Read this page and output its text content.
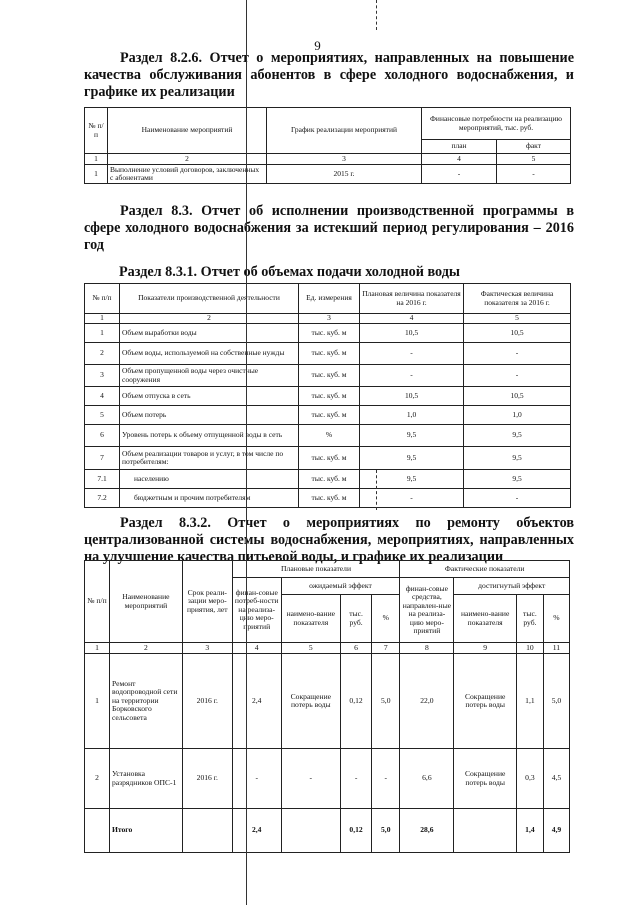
9
Раздел 8.2.6. Отчет о мероприятиях, направленных на повышение качества обслуживания абонентов в сфере холодного водоснабжения, и графике их реализации
№ п/п	Наименование мероприятий	График реализации мероприятий	Финансовые потребности на реализацию мероприятий, тыс. руб.	
			план	факт
1	2	3	4	5
1	Выполнение условий договоров, заключенных с абонентами	2015 г.	-	-
Раздел 8.3. Отчет об исполнении производственной программы в сфере холодного водоснабжения за истекший период регулирования – 2016 год
Раздел 8.3.1. Отчет об объемах подачи холодной воды
№ п/п	Показатели производственной деятельности	Ед. измерения	Плановая величина показателя на 2016 г.	Фактическая величина показателя за 2016 г.
1	2	3	4	5
1	Объем выработки воды	тыс. куб. м	10,5	10,5
2	Объем воды, используемой на собственные нужды	тыс. куб. м	-	-
3	Объем пропущенной воды через очистные сооружения	тыс. куб. м	-	-
4	Объем отпуска в сеть	тыс. куб. м	10,5	10,5
5	Объем потерь	тыс. куб. м	1,0	1,0
6	Уровень потерь к объему отпущенной воды в сеть	%	9,5	9,5
7	Объем реализации товаров и услуг, в том числе по потребителям:	тыс. куб. м	9,5	9,5
7.1	населению	тыс. куб. м	9,5	9,5
7.2	бюджетным и прочим потребителям	тыс. куб. м	-	-
Раздел 8.3.2. Отчет о мероприятиях по ремонту объектов централизованной системы водоснабжения, мероприятиях, направленных на улучшение качества питьевой воды, и графике их реализации
№ п/п	Наименование мероприятий	Срок реали-зации меро-приятия, лет	Плановые показатели				Фактические показатели			
			финан-совые потреб-ности на реализа-цию меро-приятий	ожидаемый эффект			финан-совые средства, направлен-ные на реализа-цию меро-приятий	достигнутый эффект		
				наимено-вание показателя	тыс. руб.	%		наимено-вание показателя	тыс. руб.	%
1	2	3	4	5	6	7	8	9	10	11
1	Ремонт водопроводной сети на территории Борковского сельсовета	2016 г.	2,4	Сокращение потерь воды	0,12	5,0	22,0	Сокращение потерь воды	1,1	5,0
2	Установка разрядников ОПС-1	2016 г.	-	-	-	-	6,6	Сокращение потерь воды	0,3	4,5
	Итого		2,4		0,12	5,0	28,6		1,4	4,9
